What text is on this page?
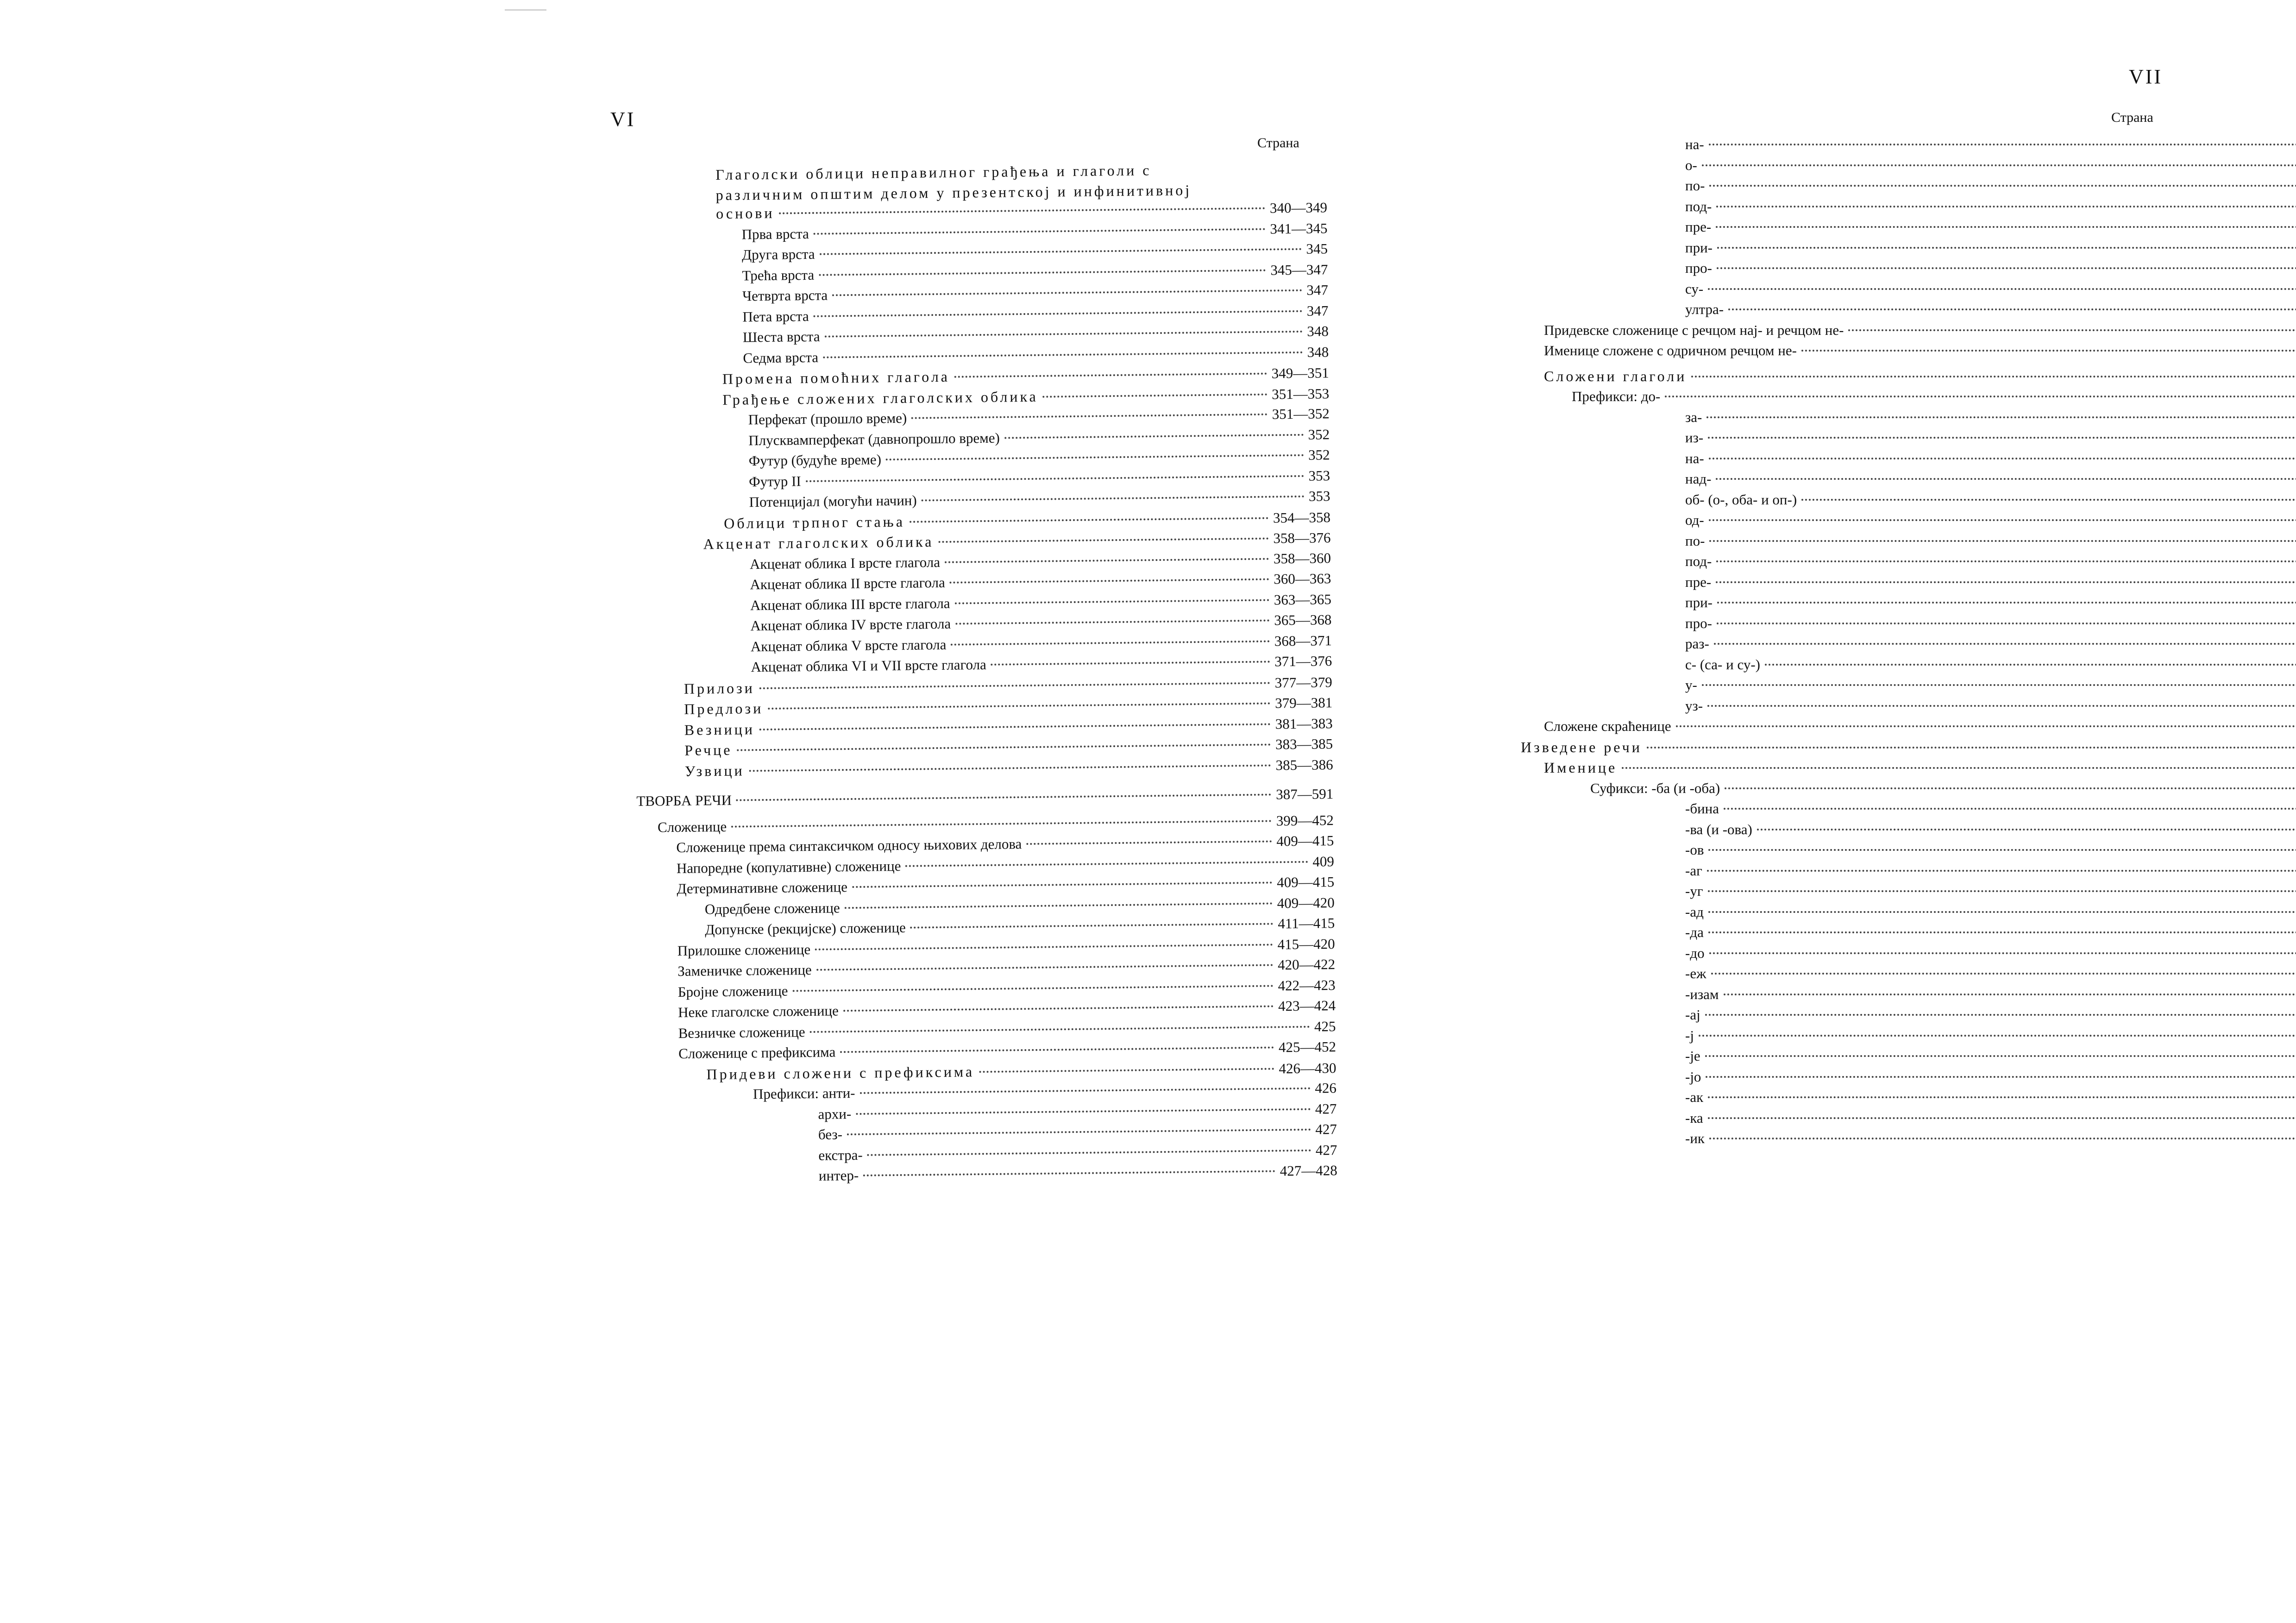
VI
Страна
Глаголски облици неправилног грађења и глаголи с
различним општим делом у презентској и инфинитивној
основи	340—349
Прва врста	341—345
Друга врста	345
Трећа врста	345—347
Четврта врста	347
Пета врста	347
Шеста врста	348
Седма врста	348
Промена помоћних глагола	349—351
Грађење сложених глаголских облика	351—353
Перфекат (прошло време)	351—352
Плусквамперфекат (давнопрошло време)	352
Футур (будуће време)	352
Футур II	353
Потенцијал (могући начин)	353
Облици трпног стања	354—358
Акценат глаголских облика	358—376
Акценат облика I врсте глагола	358—360
Акценат облика II врсте глагола	360—363
Акценат облика III врсте глагола	363—365
Акценат облика IV врсте глагола	365—368
Акценат облика V врсте глагола	368—371
Акценат облика VI и VII врсте глагола	371—376
Прилози	377—379
Предлози	379—381
Везници	381—383
Речце	383—385
Узвици	385—386
ТВОРБА РЕЧИ	387—591
Сложенице	399—452
Сложенице према синтаксичком односу њихових делова	409—415
Напоредне (копулативне) сложенице	409
Детерминативне сложенице	409—415
Одредбене сложенице	409—420
Допунске (рекцијске) сложенице	411—415
Прилошке сложенице	415—420
Заменичке сложенице	420—422
Бројне сложенице	422—423
Неке глаголске сложенице	423—424
Везничке сложенице	425
Сложенице с префиксима	425—452
Придеви сложени с префиксима	426—430
Префикси: анти-	426
архи-	427
без-	427
екстра-	427
интер-	427—428
VII
Страна
на-
о-
по-
под-
пре-
при-
про-
су-
ултра-
Придевске сложенице с речцом нај- и речцом не-
Именице сложене с одричном речцом не-
Сложени глаголи
Префикси: до-
за-
из-
на-
над-
об- (о-, оба- и оп-)
од-
по-
под-
пре-
при-
про-
раз-
с- (са- и су-)
у-
уз-
Сложене скраћенице
Изведене речи
Именице
Суфикси: -ба (и -оба)
-бина
-ва (и -ова)
-ов
-аг
-уг
-ад
-да
-до
-еж
-изам
-ај
-ј
-је
-јо
-ак
-ка
-ик
